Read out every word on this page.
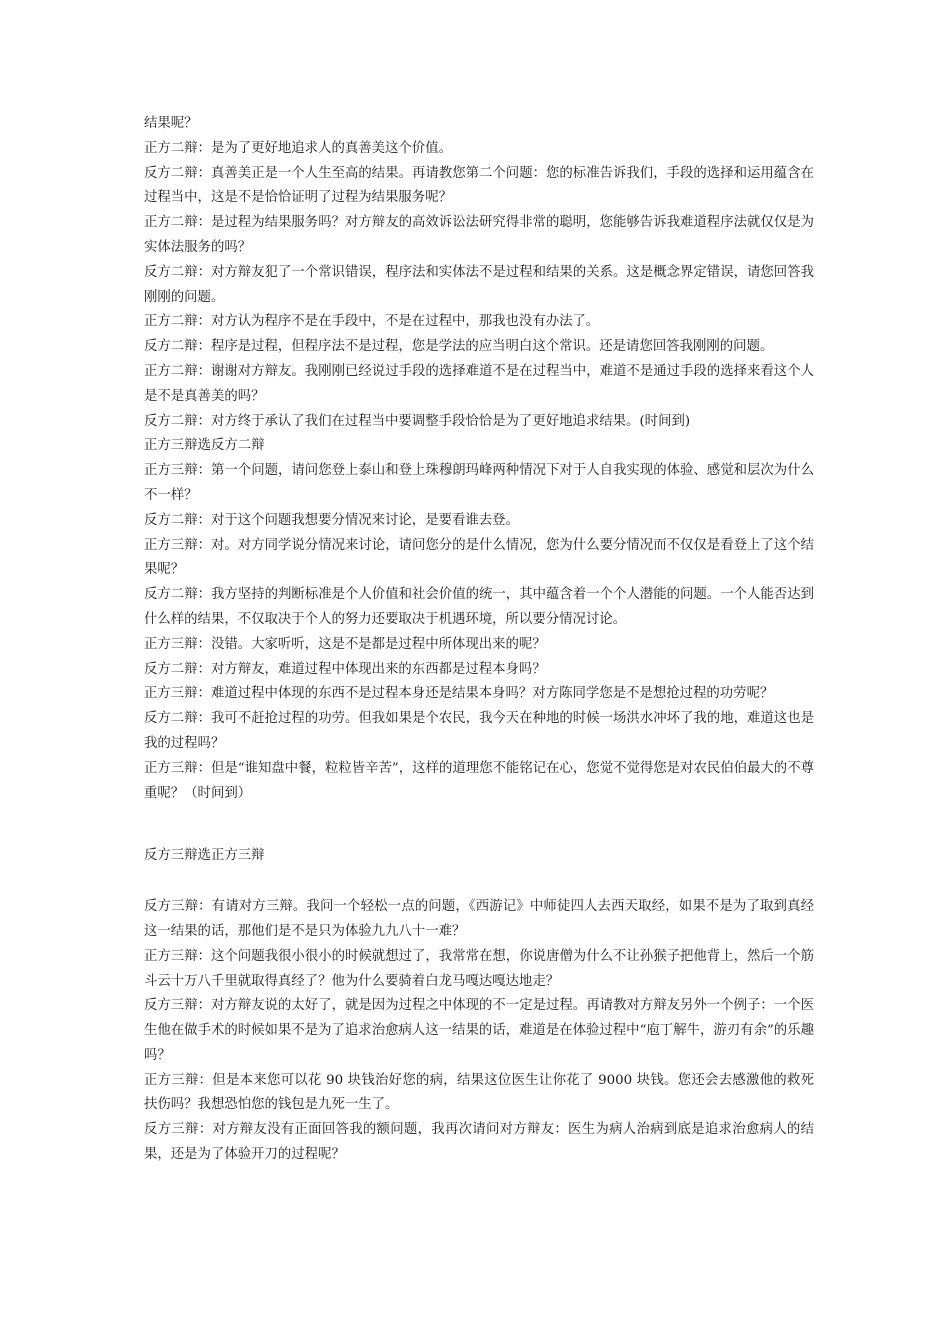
结果呢？

正方二辩：是为了更好地追求人的真善美这个价值。

反方二辩：真善美正是一个人生至高的结果。再请教您第二个问题：您的标准告诉我们，手段的选择和运用蕴含在过程当中，这是不是恰恰证明了过程为结果服务呢？

正方二辩：是过程为结果服务吗？对方辩友的高效诉讼法研究得非常的聪明，您能够告诉我难道程序法就仅仅是为实体法服务的吗？

反方二辩：对方辩友犯了一个常识错误，程序法和实体法不是过程和结果的关系。这是概念界定错误，请您回答我刚刚的问题。

正方二辩：对方认为程序不是在手段中，不是在过程中，那我也没有办法了。

反方二辩：程序是过程，但程序法不是过程，您是学法的应当明白这个常识。还是请您回答我刚刚的问题。

正方二辩：谢谢对方辩友。我刚刚已经说过手段的选择难道不是在过程当中，难道不是通过手段的选择来看这个人是不是真善美的吗？

反方二辩：对方终于承认了我们在过程当中要调整手段恰恰是为了更好地追求结果。(时间到)

正方三辩选反方二辩

正方三辩：第一个问题，请问您登上泰山和登上珠穆朗玛峰两种情况下对于人自我实现的体验、感觉和层次为什么不一样？

反方二辩：对于这个问题我想要分情况来讨论，是要看谁去登。

正方三辩：对。对方同学说分情况来讨论，请问您分的是什么情况，您为什么要分情况而不仅仅是看登上了这个结果呢？

反方二辩：我方坚持的判断标准是个人价值和社会价值的统一，其中蕴含着一个个人潜能的问题。一个人能否达到什么样的结果，不仅取决于个人的努力还要取决于机遇环境，所以要分情况讨论。

正方三辩：没错。大家听听，这是不是都是过程中所体现出来的呢？

反方二辩：对方辩友，难道过程中体现出来的东西都是过程本身吗？

正方三辩：难道过程中体现的东西不是过程本身还是结果本身吗？对方陈同学您是不是想抢过程的功劳呢？

反方二辩：我可不赶抢过程的功劳。但我如果是个农民，我今天在种地的时候一场洪水冲坏了我的地，难道这也是我的过程吗？

正方三辩：但是“谁知盘中餐，粒粒皆辛苦”，这样的道理您不能铭记在心，您觉不觉得您是对农民伯伯最大的不尊重呢？（时间到）

反方三辩选正方三辩

反方三辩：有请对方三辩。我问一个轻松一点的问题，《西游记》中师徒四人去西天取经，如果不是为了取到真经这一结果的话，那他们是不是只为体验九九八十一难？

正方三辩：这个问题我很小很小的时候就想过了，我常常在想，你说唐僧为什么不让孙猴子把他背上，然后一个筋斗云十万八千里就取得真经了？他为什么要骑着白龙马嘎达嘎达地走？

反方三辩：对方辩友说的太好了，就是因为过程之中体现的不一定是过程。再请教对方辩友另外一个例子：一个医生他在做手术的时候如果不是为了追求治愈病人这一结果的话，难道是在体验过程中“庖丁解牛，游刃有余”的乐趣吗？

正方三辩：但是本来您可以花 90 块钱治好您的病，结果这位医生让你花了 9000 块钱。您还会去感激他的救死扶伤吗？我想恐怕您的钱包是九死一生了。

反方三辩：对方辩友没有正面回答我的额问题，我再次请问对方辩友：医生为病人治病到底是追求治愈病人的结果，还是为了体验开刀的过程呢？
